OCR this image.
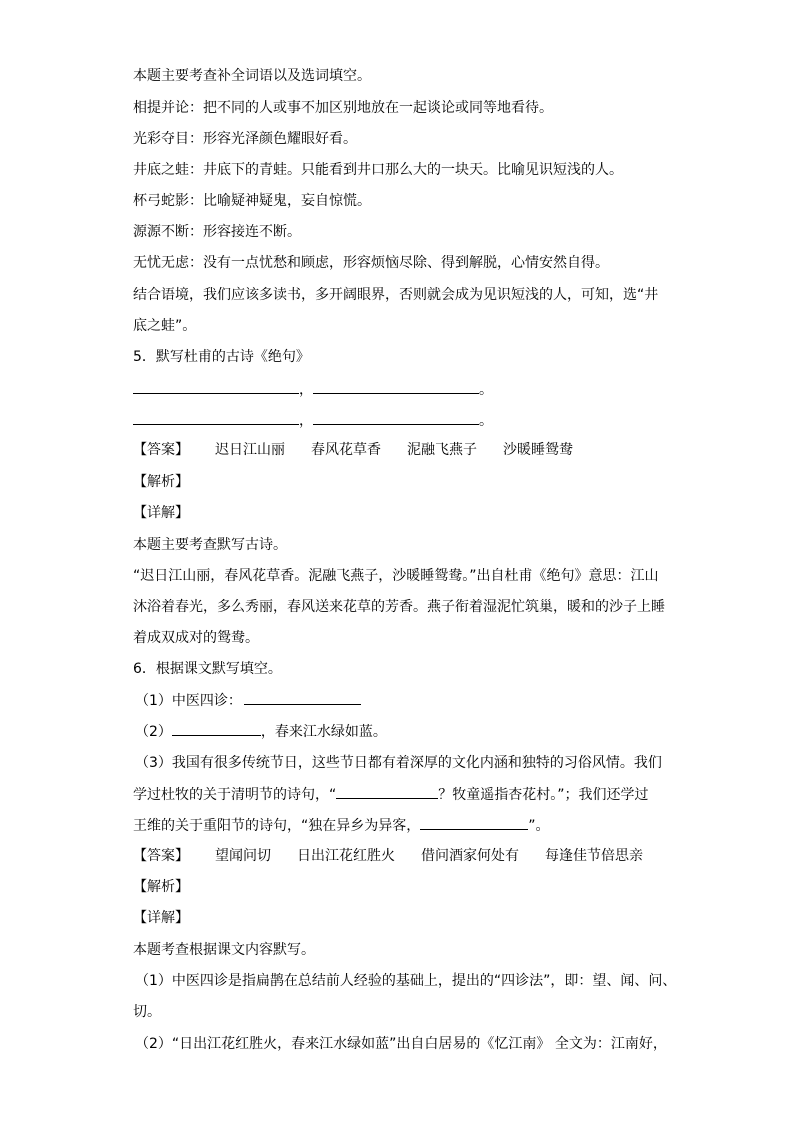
本题主要考查补全词语以及选词填空。
相提并论：把不同的人或事不加区别地放在一起谈论或同等地看待。
光彩夺目：形容光泽颜色耀眼好看。
井底之蛙：井底下的青蛙。只能看到井口那么大的一块天。比喻见识短浅的人。
杯弓蛇影：比喻疑神疑鬼，妄自惊慌。
源源不断：形容接连不断。
无忧无虑：没有一点忧愁和顾虑，形容烦恼尽除、得到解脱，心情安然自得。
结合语境，我们应该多读书，多开阔眼界，否则就会成为见识短浅的人，可知，选“井
底之蛙”。
5．默写杜甫的古诗《绝句》
，	。
，	。
【答案】 迟日江山丽 春风花草香 泥融飞燕子 沙暖睡鸳鸯
【解析】
【详解】
本题主要考查默写古诗。
“迟日江山丽，春风花草香。泥融飞燕子，沙暖睡鸳鸯。”出自杜甫《绝句》意思：江山
沐浴着春光，多么秀丽，春风送来花草的芳香。燕子衔着湿泥忙筑巢，暖和的沙子上睡
着成双成对的鸳鸯。
6．根据课文默写填空。
（1）中医四诊：
（2）	，春来江水绿如蓝。
（3）我国有很多传统节日，这些节日都有着深厚的文化内涵和独特的习俗风情。我们
学过杜牧的关于清明节的诗句，“	？牧童遥指杏花村。”；我们还学过
王维的关于重阳节的诗句，“独在异乡为异客，	”。
【答案】 望闻问切 日出江花红胜火 借问酒家何处有 每逢佳节倍思亲
【解析】
【详解】
本题考查根据课文内容默写。
（1）中医四诊是指扁鹊在总结前人经验的基础上，提出的“四诊法”，即：望、闻、问、
切。
（2）“日出江花红胜火，春来江水绿如蓝”出自白居易的《忆江南》 全文为：江南好，
